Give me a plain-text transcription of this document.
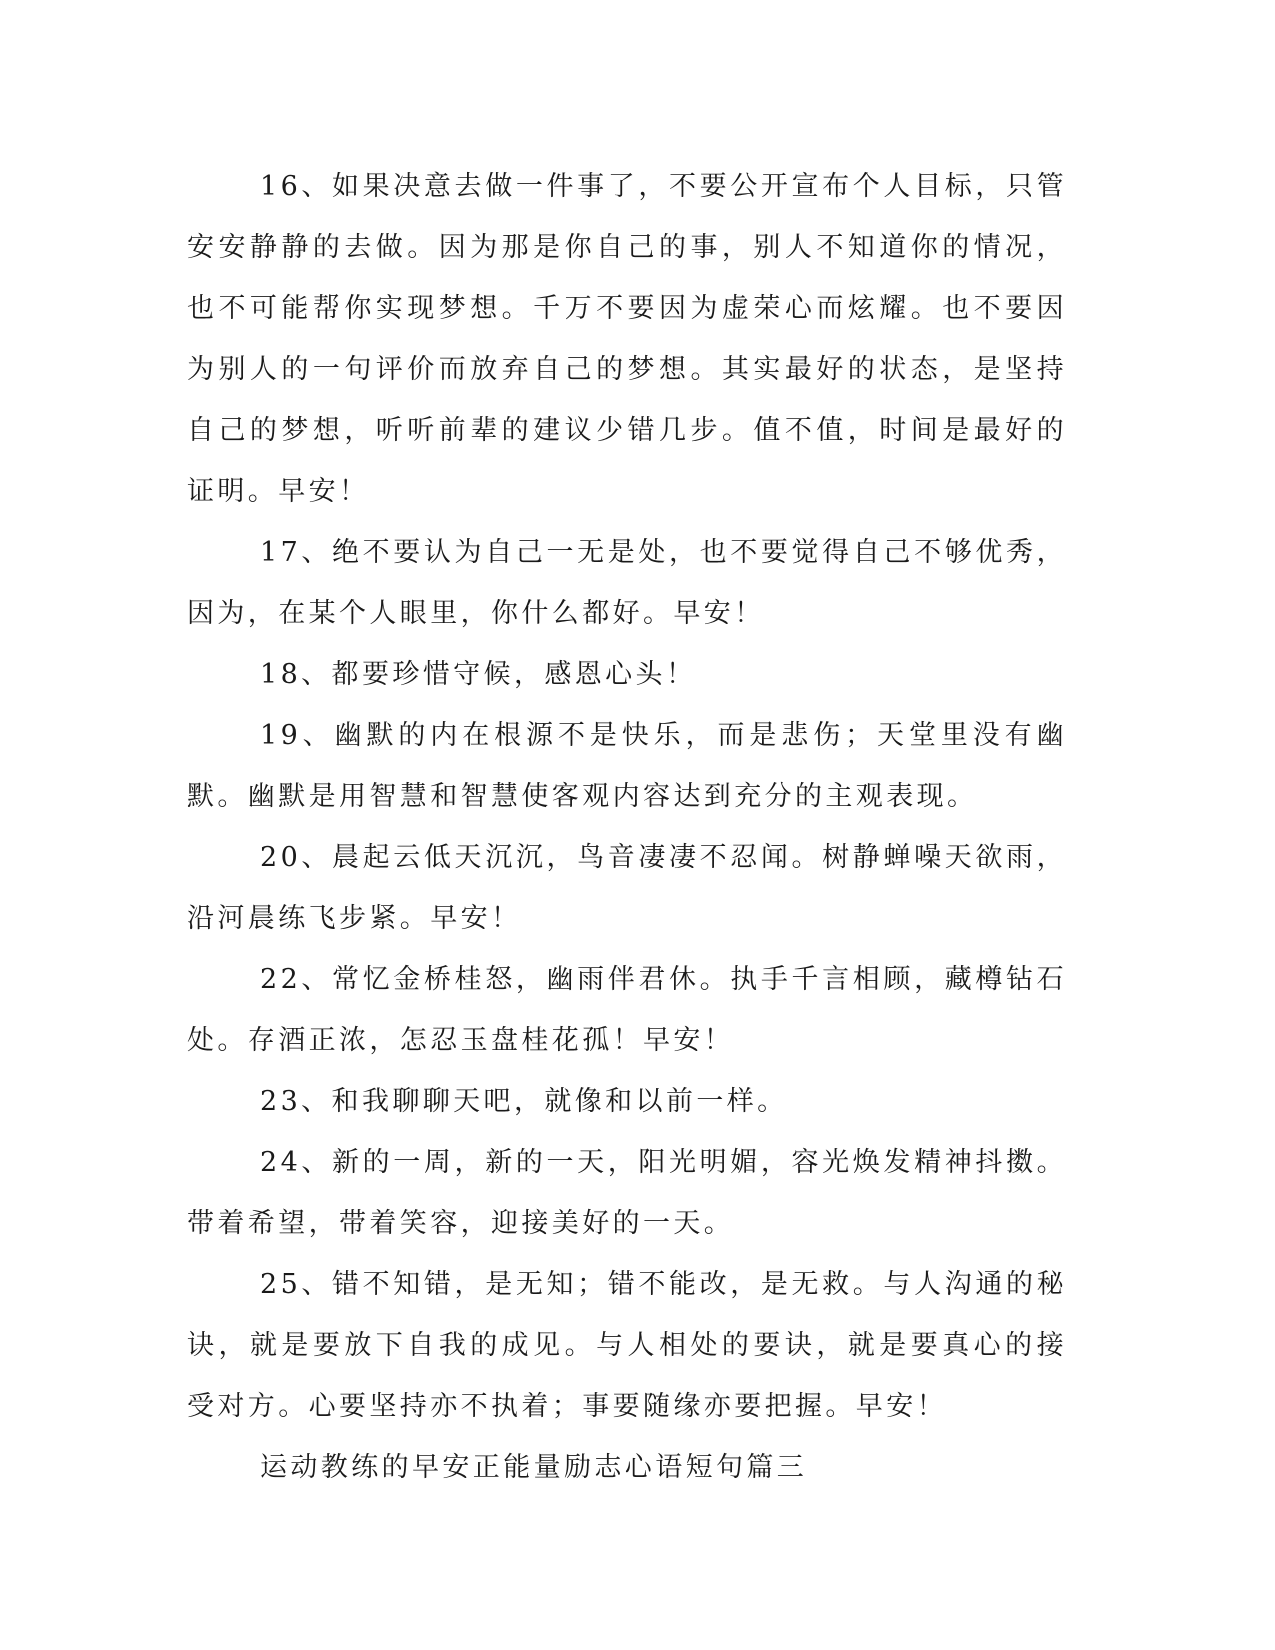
16、如果决意去做一件事了，不要公开宣布个人目标，只管安安静静的去做。因为那是你自己的事，别人不知道你的情况，也不可能帮你实现梦想。千万不要因为虚荣心而炫耀。也不要因为别人的一句评价而放弃自己的梦想。其实最好的状态，是坚持自己的梦想，听听前辈的建议少错几步。值不值，时间是最好的证明。早安！

17、绝不要认为自己一无是处，也不要觉得自己不够优秀，因为，在某个人眼里，你什么都好。早安！

18、都要珍惜守候，感恩心头！

19、幽默的内在根源不是快乐，而是悲伤；天堂里没有幽默。幽默是用智慧和智慧使客观内容达到充分的主观表现。

20、晨起云低天沉沉，鸟音凄凄不忍闻。树静蝉噪天欲雨，沿河晨练飞步紧。早安！

22、常忆金桥桂怒，幽雨伴君休。执手千言相顾，藏樽钻石处。存酒正浓，怎忍玉盘桂花孤！早安！

23、和我聊聊天吧，就像和以前一样。

24、新的一周，新的一天，阳光明媚，容光焕发精神抖擞。带着希望，带着笑容，迎接美好的一天。

25、错不知错，是无知；错不能改，是无救。与人沟通的秘诀，就是要放下自我的成见。与人相处的要诀，就是要真心的接受对方。心要坚持亦不执着；事要随缘亦要把握。早安！

运动教练的早安正能量励志心语短句篇三
